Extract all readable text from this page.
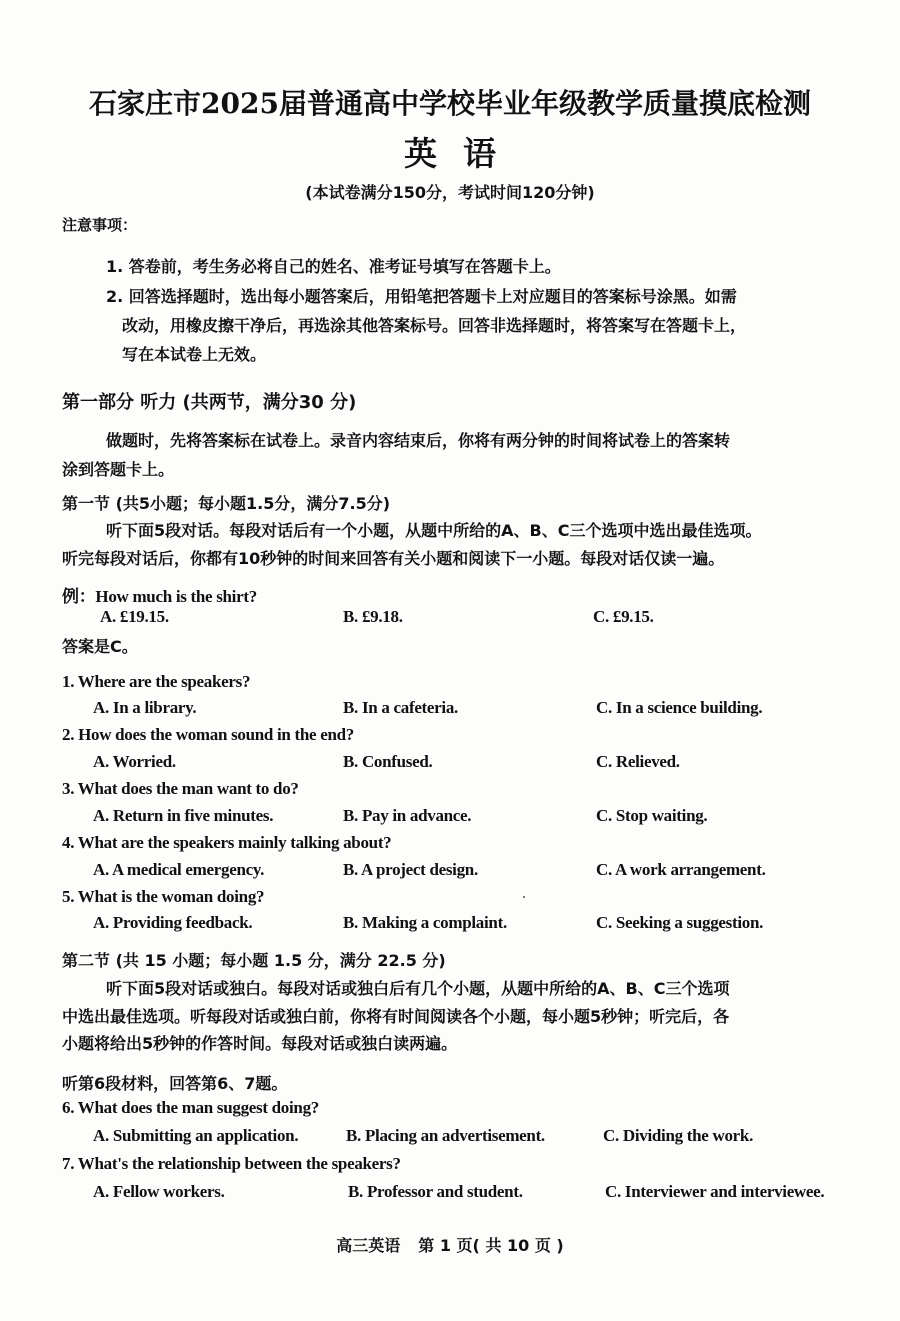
石家庄市2025届普通高中学校毕业年级教学质量摸底检测
英语
(本试卷满分150分，考试时间120分钟)
注意事项：
1. 答卷前，考生务必将自己的姓名、准考证号填写在答题卡上。
2. 回答选择题时，选出每小题答案后，用铅笔把答题卡上对应题目的答案标号涂黑。如需
改动，用橡皮擦干净后，再选涂其他答案标号。回答非选择题时，将答案写在答题卡上，
写在本试卷上无效。
第一部分 听力 (共两节，满分30 分)
做题时，先将答案标在试卷上。录音内容结束后，你将有两分钟的时间将试卷上的答案转
涂到答题卡上。
第一节 (共5小题；每小题1.5分，满分7.5分)
听下面5段对话。每段对话后有一个小题，从题中所给的A、B、C三个选项中选出最佳选项。
听完每段对话后，你都有10秒钟的时间来回答有关小题和阅读下一小题。每段对话仅读一遍。
例：How much is the shirt?
A. £19.15.	B. £9.18.	C. £9.15.
答案是C。
1. Where are the speakers?
A. In a library.	B. In a cafeteria.	C. In a science building.
2. How does the woman sound in the end?
A. Worried.	B. Confused.	C. Relieved.
3. What does the man want to do?
A. Return in five minutes.	B. Pay in advance.	C. Stop waiting.
4. What are the speakers mainly talking about?
A. A medical emergency.	B. A project design.	C. A work arrangement.
5. What is the woman doing?
A. Providing feedback.	B. Making a complaint.	C. Seeking a suggestion.
第二节 (共 15 小题；每小题 1.5 分，满分 22.5 分)
听下面5段对话或独白。每段对话或独白后有几个小题，从题中所给的A、B、C三个选项
中选出最佳选项。听每段对话或独白前，你将有时间阅读各个小题，每小题5秒钟；听完后，各
小题将给出5秒钟的作答时间。每段对话或独白读两遍。
听第6段材料，回答第6、7题。
6. What does the man suggest doing?
A. Submitting an application.	B. Placing an advertisement.	C. Dividing the work.
7. What's the relationship between the speakers?
A. Fellow workers.	B. Professor and student.	C. Interviewer and interviewee.
高三英语 第 1 页( 共 10 页 )
